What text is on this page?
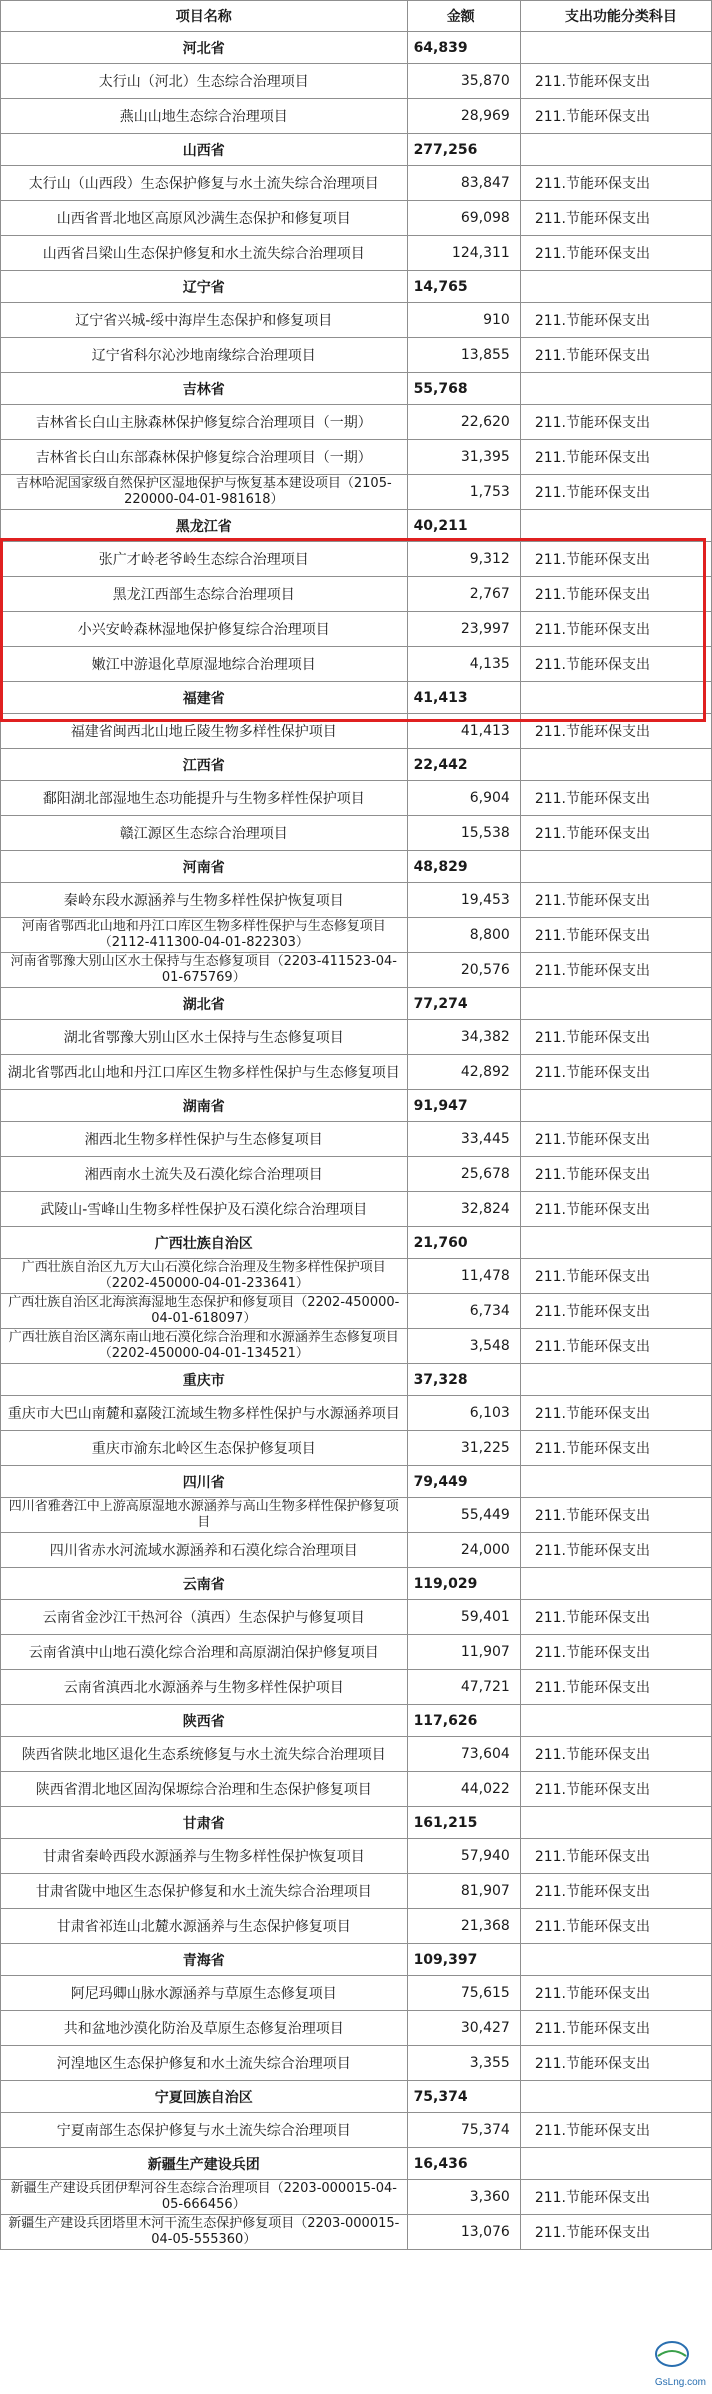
项目名称	金额	支出功能分类科目
河北省	64,839	
太行山（河北）生态综合治理项目	35,870	211.节能环保支出
燕山山地生态综合治理项目	28,969	211.节能环保支出
山西省	277,256	
太行山（山西段）生态保护修复与水土流失综合治理项目	83,847	211.节能环保支出
山西省晋北地区高原风沙满生态保护和修复项目	69,098	211.节能环保支出
山西省吕梁山生态保护修复和水土流失综合治理项目	124,311	211.节能环保支出
辽宁省	14,765	
辽宁省兴城-绥中海岸生态保护和修复项目	910	211.节能环保支出
辽宁省科尔沁沙地南缘综合治理项目	13,855	211.节能环保支出
吉林省	55,768	
吉林省长白山主脉森林保护修复综合治理项目（一期）	22,620	211.节能环保支出
吉林省长白山东部森林保护修复综合治理项目（一期）	31,395	211.节能环保支出
吉林哈泥国家级自然保护区湿地保护与恢复基本建设项目（2105-220000-04-01-981618）	1,753	211.节能环保支出
黑龙江省	40,211	
张广才岭老爷岭生态综合治理项目	9,312	211.节能环保支出
黑龙江西部生态综合治理项目	2,767	211.节能环保支出
小兴安岭森林湿地保护修复综合治理项目	23,997	211.节能环保支出
嫩江中游退化草原湿地综合治理项目	4,135	211.节能环保支出
福建省	41,413	
福建省闽西北山地丘陵生物多样性保护项目	41,413	211.节能环保支出
江西省	22,442	
鄱阳湖北部湿地生态功能提升与生物多样性保护项目	6,904	211.节能环保支出
赣江源区生态综合治理项目	15,538	211.节能环保支出
河南省	48,829	
秦岭东段水源涵养与生物多样性保护恢复项目	19,453	211.节能环保支出
河南省鄂西北山地和丹江口库区生物多样性保护与生态修复项目（2112-411300-04-01-822303）	8,800	211.节能环保支出
河南省鄂豫大别山区水土保持与生态修复项目（2203-411523-04-01-675769）	20,576	211.节能环保支出
湖北省	77,274	
湖北省鄂豫大别山区水土保持与生态修复项目	34,382	211.节能环保支出
湖北省鄂西北山地和丹江口库区生物多样性保护与生态修复项目	42,892	211.节能环保支出
湖南省	91,947	
湘西北生物多样性保护与生态修复项目	33,445	211.节能环保支出
湘西南水土流失及石漠化综合治理项目	25,678	211.节能环保支出
武陵山-雪峰山生物多样性保护及石漠化综合治理项目	32,824	211.节能环保支出
广西壮族自治区	21,760	
广西壮族自治区九万大山石漠化综合治理及生物多样性保护项目（2202-450000-04-01-233641）	11,478	211.节能环保支出
广西壮族自治区北海滨海湿地生态保护和修复项目（2202-450000-04-01-618097）	6,734	211.节能环保支出
广西壮族自治区漓东南山地石漠化综合治理和水源涵养生态修复项目（2202-450000-04-01-134521）	3,548	211.节能环保支出
重庆市	37,328	
重庆市大巴山南麓和嘉陵江流域生物多样性保护与水源涵养项目	6,103	211.节能环保支出
重庆市渝东北岭区生态保护修复项目	31,225	211.节能环保支出
四川省	79,449	
四川省雅砻江中上游高原湿地水源涵养与高山生物多样性保护修复项目	55,449	211.节能环保支出
四川省赤水河流域水源涵养和石漠化综合治理项目	24,000	211.节能环保支出
云南省	119,029	
云南省金沙江干热河谷（滇西）生态保护与修复项目	59,401	211.节能环保支出
云南省滇中山地石漠化综合治理和高原湖泊保护修复项目	11,907	211.节能环保支出
云南省滇西北水源涵养与生物多样性保护项目	47,721	211.节能环保支出
陕西省	117,626	
陕西省陕北地区退化生态系统修复与水土流失综合治理项目	73,604	211.节能环保支出
陕西省渭北地区固沟保塬综合治理和生态保护修复项目	44,022	211.节能环保支出
甘肃省	161,215	
甘肃省秦岭西段水源涵养与生物多样性保护恢复项目	57,940	211.节能环保支出
甘肃省陇中地区生态保护修复和水土流失综合治理项目	81,907	211.节能环保支出
甘肃省祁连山北麓水源涵养与生态保护修复项目	21,368	211.节能环保支出
青海省	109,397	
阿尼玛卿山脉水源涵养与草原生态修复项目	75,615	211.节能环保支出
共和盆地沙漠化防治及草原生态修复治理项目	30,427	211.节能环保支出
河湟地区生态保护修复和水土流失综合治理项目	3,355	211.节能环保支出
宁夏回族自治区	75,374	
宁夏南部生态保护修复与水土流失综合治理项目	75,374	211.节能环保支出
新疆生产建设兵团	16,436	
新疆生产建设兵团伊犁河谷生态综合治理项目（2203-000015-04-05-666456）	3,360	211.节能环保支出
新疆生产建设兵团塔里木河干流生态保护修复项目（2203-000015-04-05-555360）	13,076	211.节能环保支出
GsLng.com
